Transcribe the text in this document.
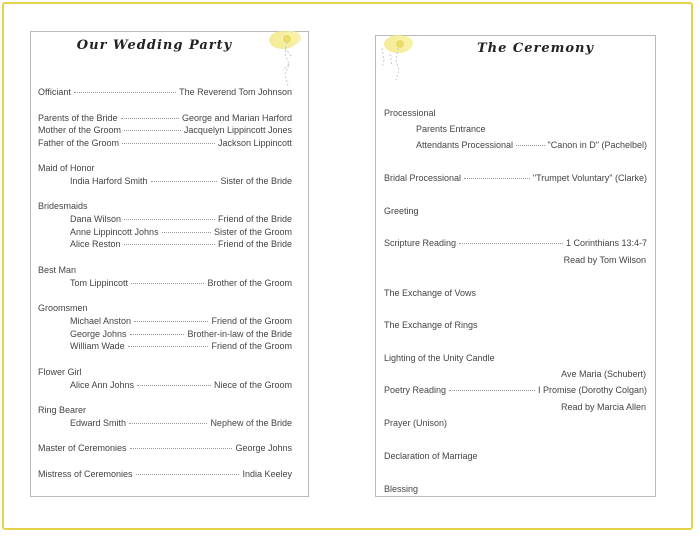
Our Wedding Party
Officiant	The Reverend Tom Johnson
Parents of the Bride	George and Marian Harford
Mother of the Groom	Jacquelyn Lippincott Jones
Father of the Groom	Jackson Lippincott
Maid of Honor
India Harford Smith	Sister of the Bride
Bridesmaids
Dana Wilson	Friend of the Bride
Anne Lippincott Johns	Sister of the Groom
Alice Reston	Friend of the Bride
Best Man
Tom Lippincott	Brother of the Groom
Groomsmen
Michael Anston	Friend of the Groom
George Johns	Brother-in-law of the Bride
William Wade	Friend of the Groom
Flower Girl
Alice Ann Johns	Niece of the Groom
Ring Bearer
Edward Smith	Nephew of the Bride
Master of Ceremonies	George Johns
Mistress of Ceremonies	India Keeley
The Ceremony
Processional
Parents Entrance
Attendants Processional	"Canon in D" (Pachelbel)
Bridal Processional	"Trumpet Voluntary" (Clarke)
Greeting
Scripture Reading	1 Corinthians 13:4-7
Read by Tom Wilson
The Exchange of Vows
The Exchange of Rings
Lighting of the Unity Candle
Ave Maria (Schubert)
Poetry Reading	I Promise (Dorothy Colgan)
Read by Marcia Allen
Prayer (Unison)
Declaration of Marriage
Blessing
